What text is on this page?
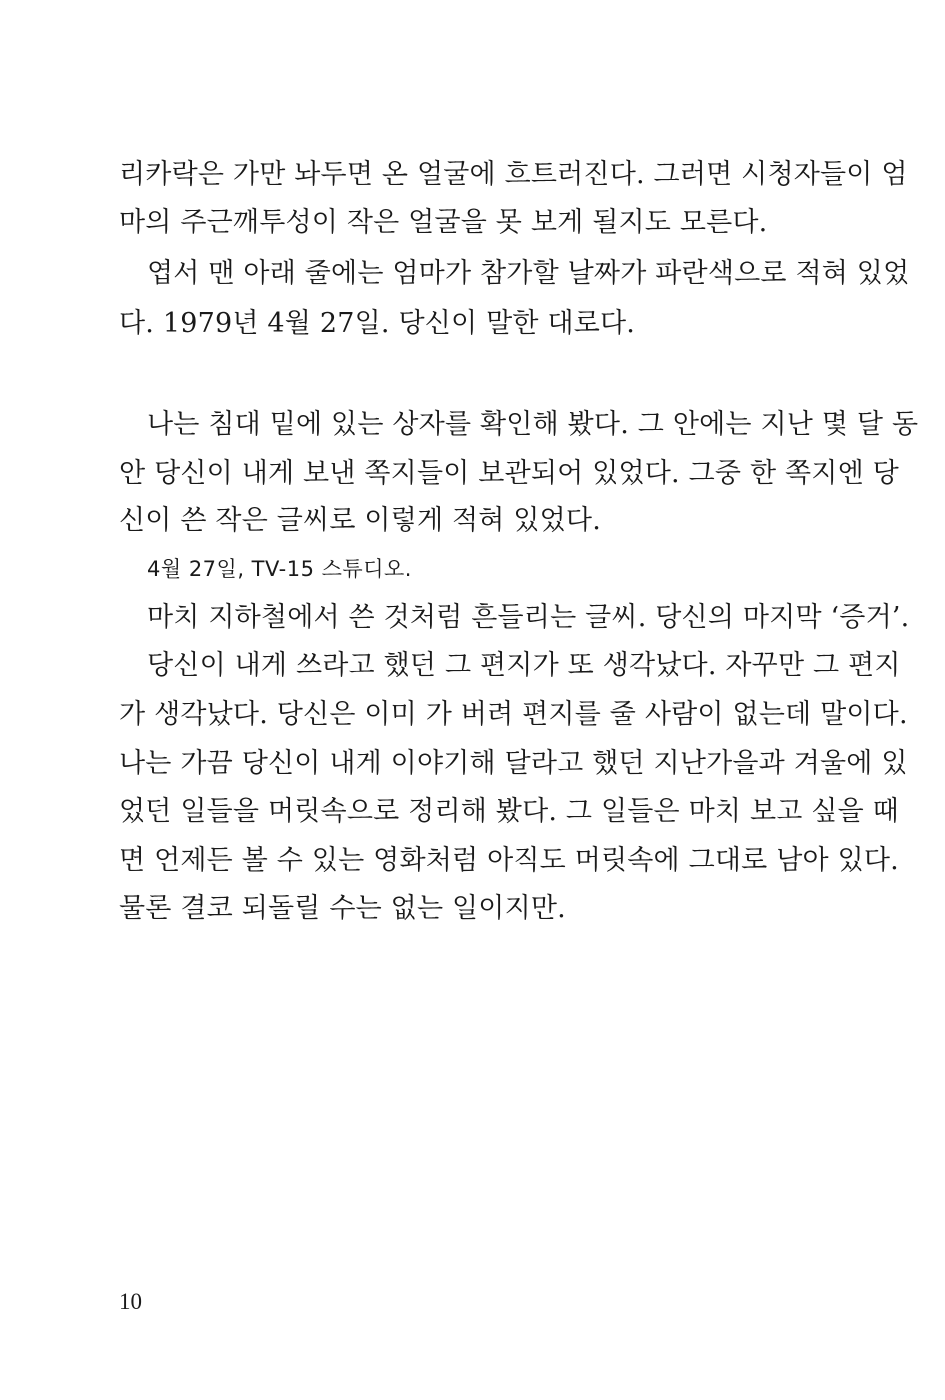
리카락은 가만 놔두면 온 얼굴에 흐트러진다. 그러면 시청자들이 엄
마의 주근깨투성이 작은 얼굴을 못 보게 될지도 모른다.
엽서 맨 아래 줄에는 엄마가 참가할 날짜가 파란색으로 적혀 있었
다. 1979년 4월 27일. 당신이 말한 대로다.
나는 침대 밑에 있는 상자를 확인해 봤다. 그 안에는 지난 몇 달 동
안 당신이 내게 보낸 쪽지들이 보관되어 있었다. 그중 한 쪽지엔 당
신이 쓴 작은 글씨로 이렇게 적혀 있었다.
4월 27일, TV-15 스튜디오.
마치 지하철에서 쓴 것처럼 흔들리는 글씨. 당신의 마지막 ‘증거’.
당신이 내게 쓰라고 했던 그 편지가 또 생각났다. 자꾸만 그 편지
가 생각났다. 당신은 이미 가 버려 편지를 줄 사람이 없는데 말이다.
나는 가끔 당신이 내게 이야기해 달라고 했던 지난가을과 겨울에 있
었던 일들을 머릿속으로 정리해 봤다. 그 일들은 마치 보고 싶을 때
면 언제든 볼 수 있는 영화처럼 아직도 머릿속에 그대로 남아 있다.
물론 결코 되돌릴 수는 없는 일이지만.
10
